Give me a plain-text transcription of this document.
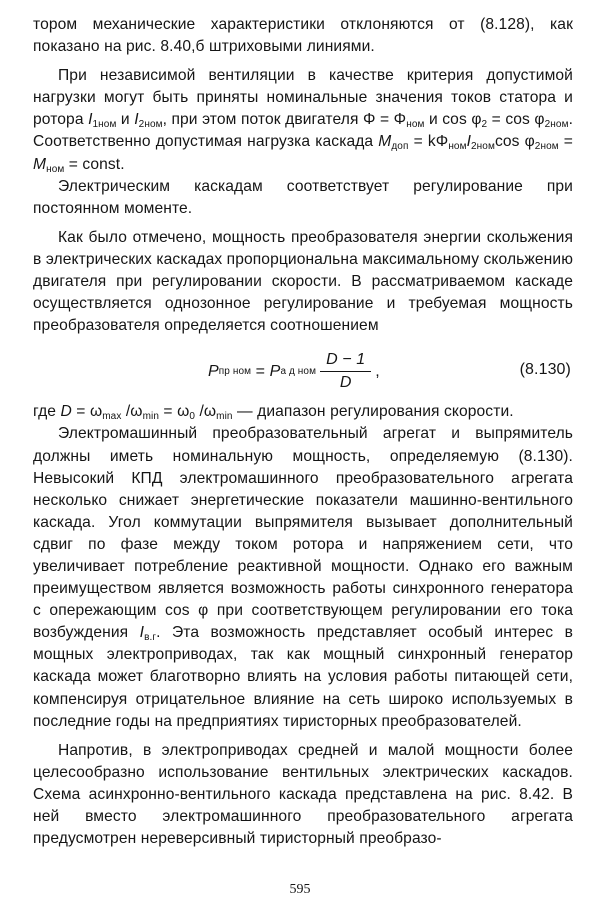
тором механические характеристики отклоняются от (8.128), как показано на рис. 8.40,б штриховыми линиями.

При независимой вентиляции в качестве критерия допустимой нагрузки могут быть приняты номинальные значения токов статора и ротора $I_{1ном}$ и $I_{2ном}$, при этом поток двигателя $\Phi = \Phi_{ном}$ и $\cos \varphi_2 = \cos \varphi_{2ном}$. Соответственно допустимая нагрузка каскада $M_{доп} = k\Phi_{ном}I_{2ном}\cos$ $\varphi_{2ном} = M_{ном}$ = const.

Электрическим каскадам соответствует регулирование при постоянном моменте.

Как было отмечено, мощность преобразователя энергии скольжения в электрических каскадах пропорциональна максимальному скольжению двигателя при регулировании скорости. В рассматриваемом каскаде осуществляется однозонное регулирование и требуемая мощность преобразователя определяется соотношением

P пр ном = P а д ном $\frac{D - 1}{D}$ ,	(8.130)

где $D = \omega_{max}$ $/\omega_{min} = \omega_0$ $/\omega_{min}$ — диапазон регулирования скорости.

Электромашинный преобразовательный агрегат и выпрямитель должны иметь номинальную мощность, определяемую (8.130). Невысокий КПД электромашинного преобразовательного агрегата несколько снижает энергетические показатели машинно-вентильного каскада. Угол коммутации выпрямителя вызывает дополнительный сдвиг по фазе между током ротора и напряжением сети, что увеличивает потребление реактивной мощности. Однако его важным преимуществом является возможность работы синхронного генератора с опережающим cos φ при соответствующем регулировании его тока возбуждения $I_{в.г}$. Эта возможность представляет особый интерес в мощных электроприводах, так как мощный синхронный генератор каскада может благотворно влиять на условия работы питающей сети, компенсируя отрицательное влияние на сеть широко используемых в последние годы на предприятиях тиристорных преобразователей.

Напротив, в электроприводах средней и малой мощности более целесообразно использование вентильных электрических каскадов. Схема асинхронно-вентильного каскада представлена на рис. 8.42. В ней вместо электромашинного преобразовательного агрегата предусмотрен нереверсивный тиристорный преобразо-

595
